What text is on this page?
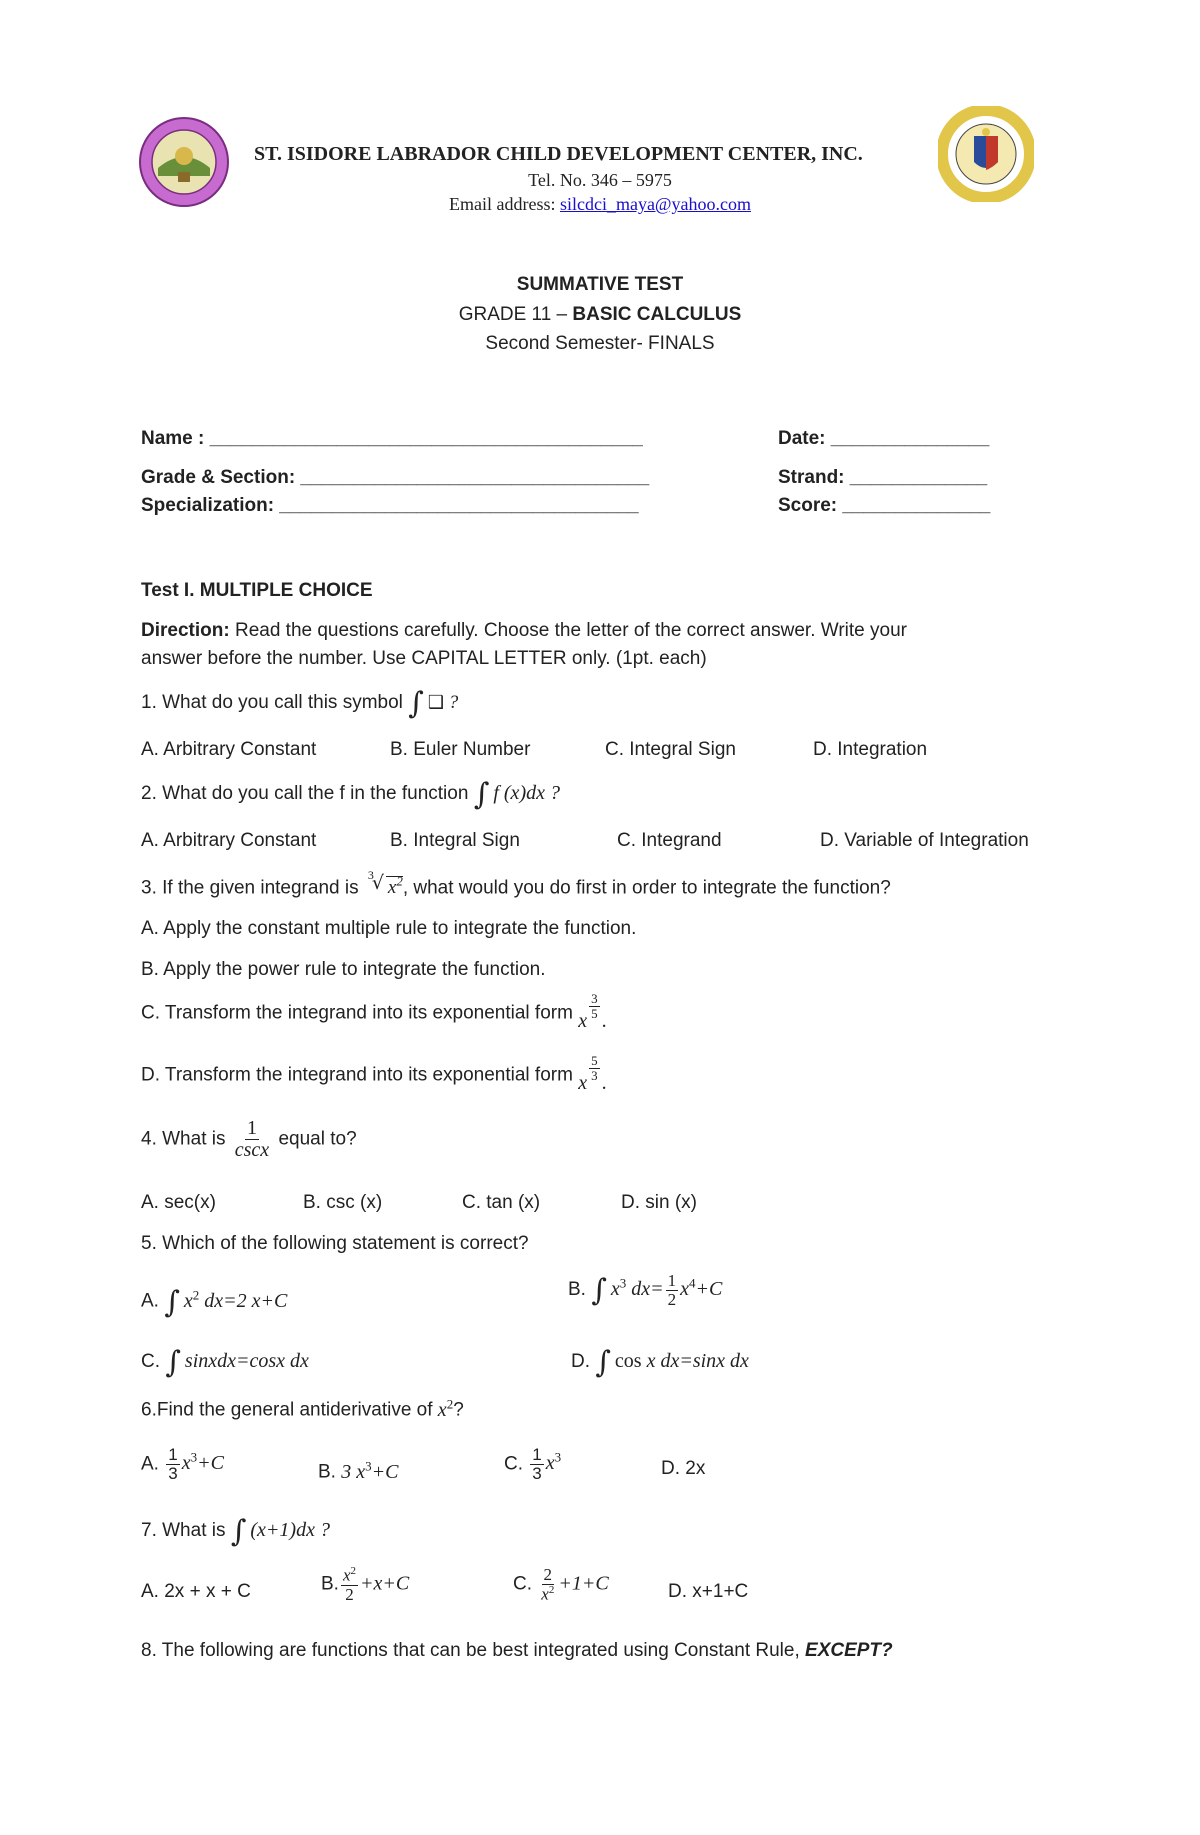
ST. ISIDORE LABRADOR CHILD DEVELOPMENT CENTER, INC.
Tel. No. 346 – 5975
Email address: silcdci_maya@yahoo.com
SUMMATIVE TEST
GRADE 11 – BASIC CALCULUS
Second Semester- FINALS
Name : _________________________________________	Date: _______________
Grade & Section: _________________________________	Strand: _____________
Specialization: __________________________________	Score: ______________
Test I. MULTIPLE CHOICE
Direction: Read the questions carefully. Choose the letter of the correct answer. Write your
answer before the number. Use CAPITAL LETTER only. (1pt. each)
1. What do you call this symbol ∫ ❑ ?
A. Arbitrary Constant	B. Euler Number	C. Integral Sign	D. Integration
2. What do you call the f in the function ∫ f (x)dx ?
A. Arbitrary Constant	B. Integral Sign	C. Integrand	D. Variable of Integration
3. If the given integrand is
3
√ $x^2$, what would you do first in order to integrate the function?
A. Apply the constant multiple rule to integrate the function.
B. Apply the power rule to integrate the function.
C. Transform the integrand into its exponential form x
$\frac{3}{5}$
.
D. Transform the integrand into its exponential form x
$\frac{5}{3}$
.
4. What is $\frac{1}{\csc x}$ equal to?
A. sec(x)	B. csc (x)	C. tan (x)	D. sin (x)
5. Which of the following statement is correct?
A. ∫ $x^2$ dx=2 x+C
B. ∫ $x^3$ $dx= \frac{1}{2} x^4+C$
C. ∫ sinxdx=cosx dx	D. ∫ cos x dx=sinx dx
6.Find the general antiderivative of $x^2$?
A. $\frac{1}{3} x^3+C$	B. 3 $x^3+C$	C. $\frac{1}{3} x^3$
D. 2x
7. What is ∫ (x+1)dx ?
A. 2x + x + C	B. $\frac{x^2}{2} +x+C$	C. $\frac{2}{x^2} +1+C$	D. x+1+C
8. The following are functions that can be best integrated using Constant Rule, EXCEPT?
